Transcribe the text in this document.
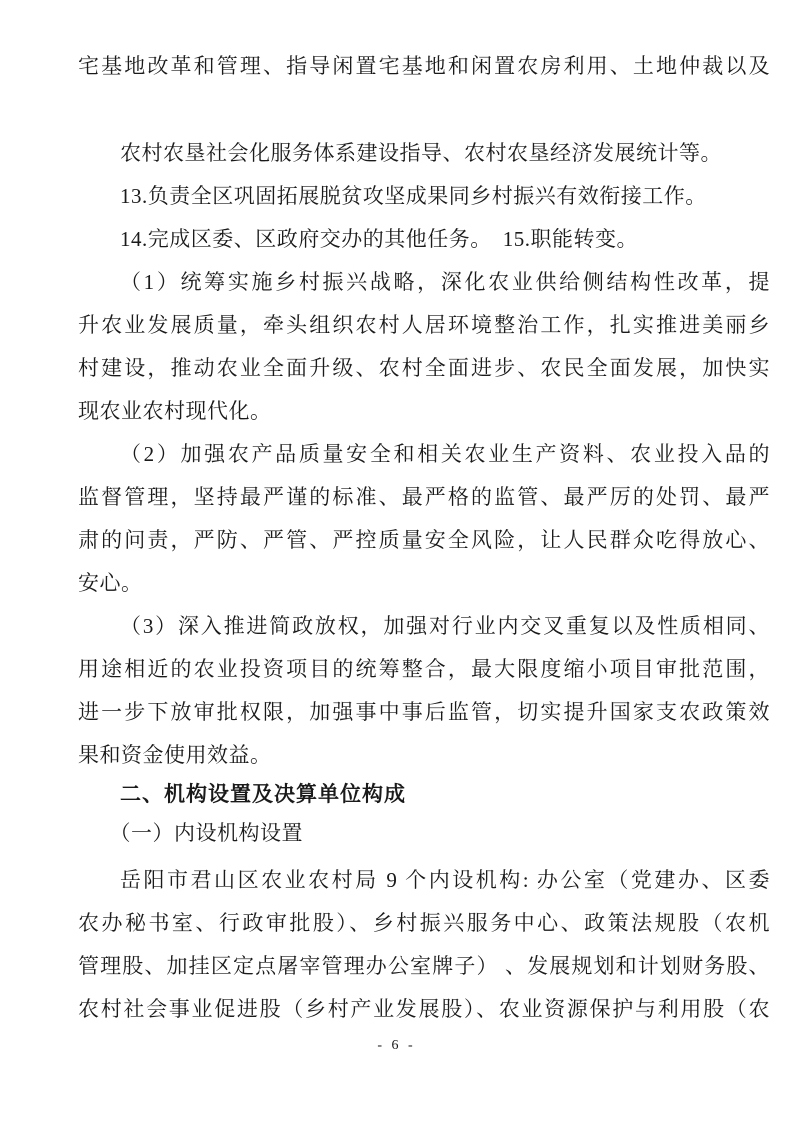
宅基地改革和管理、指导闲置宅基地和闲置农房利用、土地仲裁以及
农村农垦社会化服务体系建设指导、农村农垦经济发展统计等。
13.负责全区巩固拓展脱贫攻坚成果同乡村振兴有效衔接工作。
14.完成区委、区政府交办的其他任务。　15.职能转变。
（1）统筹实施乡村振兴战略，深化农业供给侧结构性改革，提
升农业发展质量，牵头组织农村人居环境整治工作，扎实推进美丽乡
村建设，推动农业全面升级、农村全面进步、农民全面发展，加快实
现农业农村现代化。
（2）加强农产品质量安全和相关农业生产资料、农业投入品的
监督管理，坚持最严谨的标准、最严格的监管、最严厉的处罚、最严
肃的问责，严防、严管、严控质量安全风险，让人民群众吃得放心、
安心。
（3）深入推进简政放权，加强对行业内交叉重复以及性质相同、
用途相近的农业投资项目的统筹整合，最大限度缩小项目审批范围，
进一步下放审批权限，加强事中事后监管，切实提升国家支农政策效
果和资金使用效益。
二、机构设置及决算单位构成
（一）内设机构设置
岳阳市君山区农业农村局 9 个内设机构: 办公室（党建办、区委
农办秘书室、行政审批股）、乡村振兴服务中心、政策法规股（农机
管理股、加挂区定点屠宰管理办公室牌子） 、发展规划和计划财务股、
农村社会事业促进股（乡村产业发展股）、农业资源保护与利用股（农
- 6 -
